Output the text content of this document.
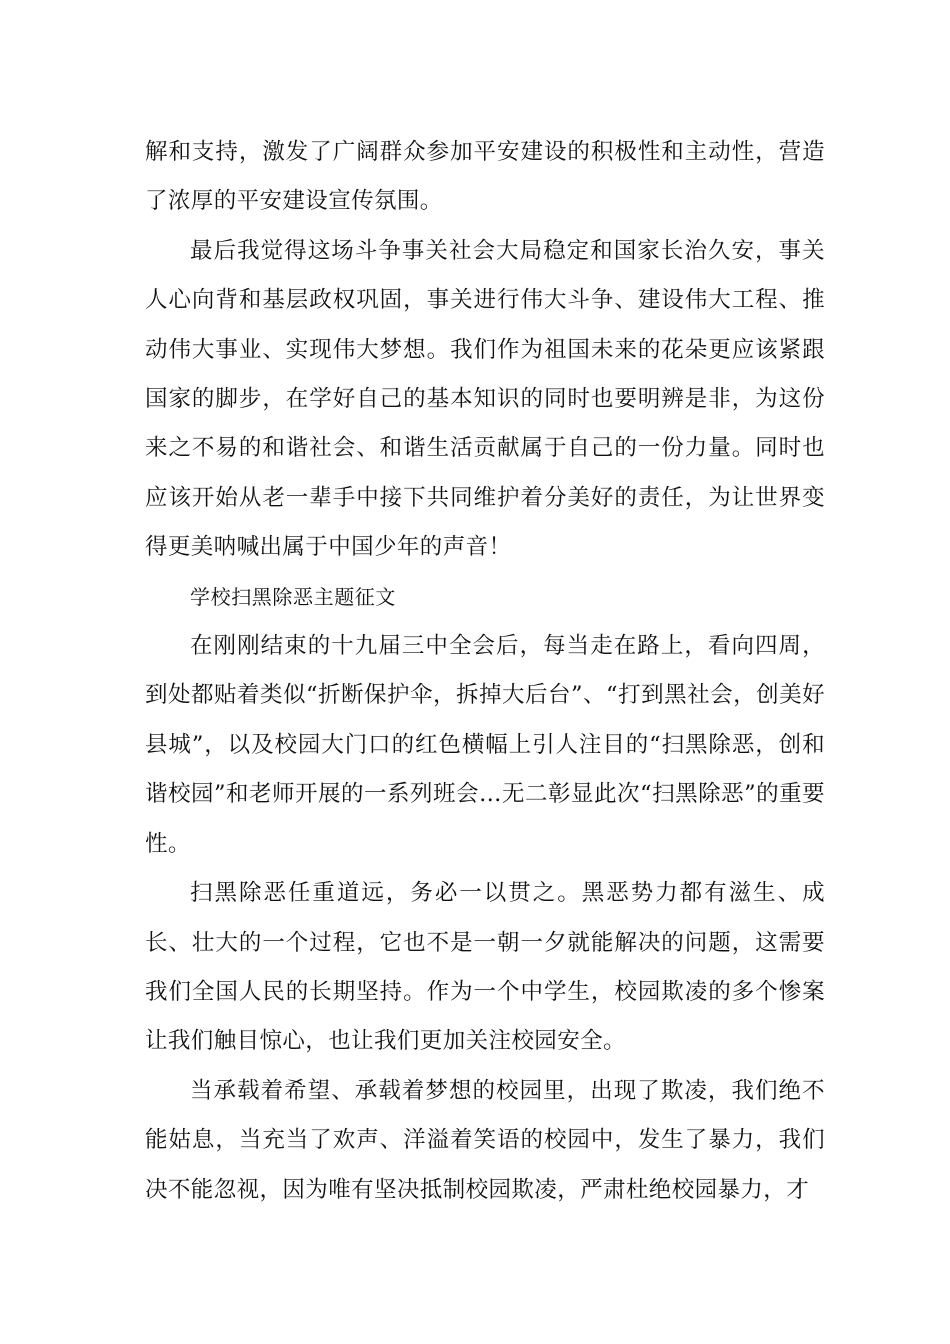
解和支持，激发了广阔群众参加平安建设的积极性和主动性，营造了浓厚的平安建设宣传氛围。

最后我觉得这场斗争事关社会大局稳定和国家长治久安，事关人心向背和基层政权巩固，事关进行伟大斗争、建设伟大工程、推动伟大事业、实现伟大梦想。我们作为祖国未来的花朵更应该紧跟国家的脚步，在学好自己的基本知识的同时也要明辨是非，为这份来之不易的和谐社会、和谐生活贡献属于自己的一份力量。同时也应该开始从老一辈手中接下共同维护着分美好的责任，为让世界变得更美呐喊出属于中国少年的声音！

学校扫黑除恶主题征文

在刚刚结束的十九届三中全会后，每当走在路上，看向四周，到处都贴着类似“折断保护伞，拆掉大后台”、“打到黑社会，创美好县城”，以及校园大门口的红色横幅上引人注目的“扫黑除恶，创和谐校园”和老师开展的一系列班会…无二彰显此次“扫黑除恶”的重要性。

扫黑除恶任重道远，务必一以贯之。黑恶势力都有滋生、成长、壮大的一个过程，它也不是一朝一夕就能解决的问题，这需要我们全国人民的长期坚持。作为一个中学生，校园欺凌的多个惨案让我们触目惊心，也让我们更加关注校园安全。

当承载着希望、承载着梦想的校园里，出现了欺凌，我们绝不能姑息，当充当了欢声、洋溢着笑语的校园中，发生了暴力，我们决不能忽视，因为唯有坚决抵制校园欺凌，严肃杜绝校园暴力，才
